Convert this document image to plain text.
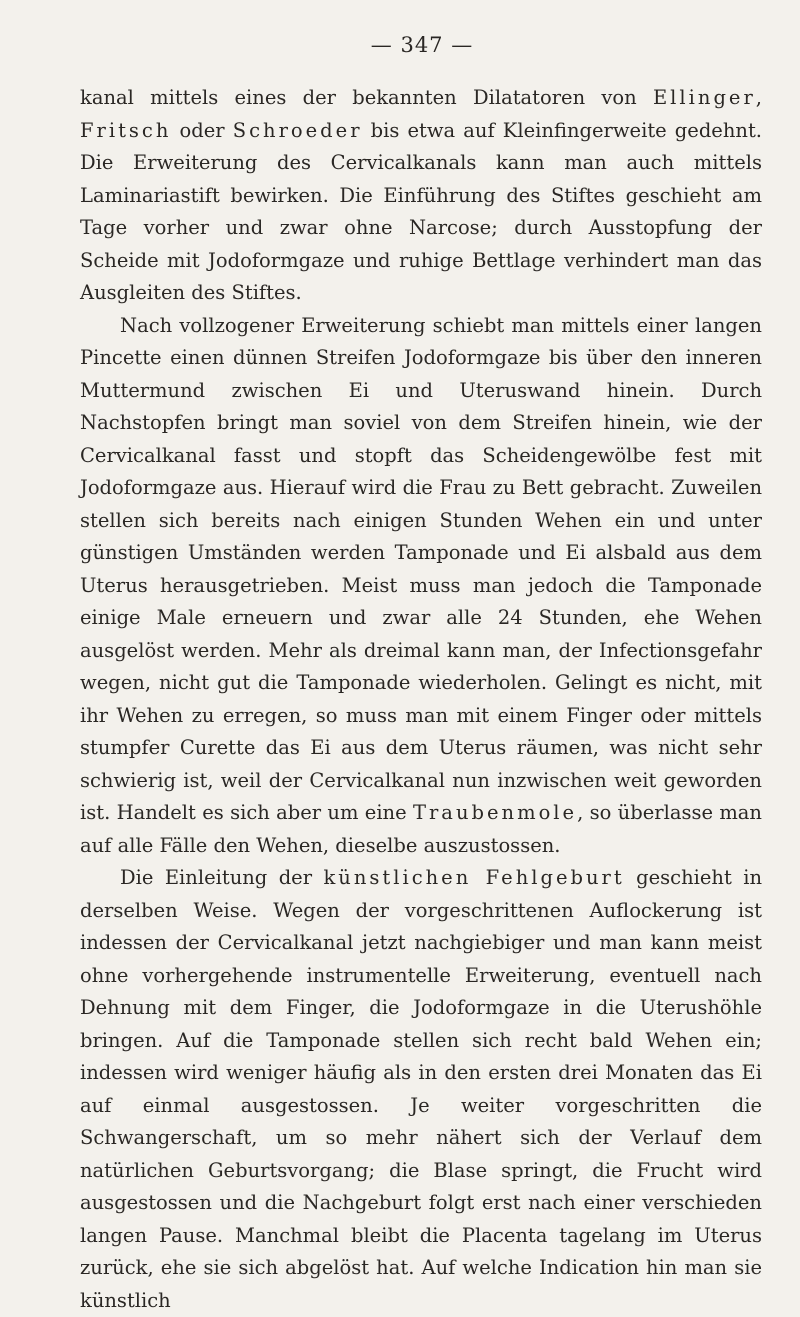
— 347 —

kanal mittels eines der bekannten Dilatatoren von Ellinger, Fritsch oder Schroeder bis etwa auf Kleinfingerweite gedehnt. Die Erweiterung des Cervicalkanals kann man auch mittels Laminariastift bewirken. Die Einführung des Stiftes geschieht am Tage vorher und zwar ohne Narcose; durch Ausstopfung der Scheide mit Jodoformgaze und ruhige Bettlage verhindert man das Ausgleiten des Stiftes.

Nach vollzogener Erweiterung schiebt man mittels einer langen Pincette einen dünnen Streifen Jodoformgaze bis über den inneren Muttermund zwischen Ei und Uteruswand hinein. Durch Nachstopfen bringt man soviel von dem Streifen hinein, wie der Cervicalkanal fasst und stopft das Scheidengewölbe fest mit Jodoformgaze aus. Hierauf wird die Frau zu Bett gebracht. Zuweilen stellen sich bereits nach einigen Stunden Wehen ein und unter günstigen Umständen werden Tamponade und Ei alsbald aus dem Uterus herausgetrieben. Meist muss man jedoch die Tamponade einige Male erneuern und zwar alle 24 Stunden, ehe Wehen ausgelöst werden. Mehr als dreimal kann man, der Infectionsgefahr wegen, nicht gut die Tamponade wiederholen. Gelingt es nicht, mit ihr Wehen zu erregen, so muss man mit einem Finger oder mittels stumpfer Curette das Ei aus dem Uterus räumen, was nicht sehr schwierig ist, weil der Cervicalkanal nun inzwischen weit geworden ist. Handelt es sich aber um eine Traubenmole, so überlasse man auf alle Fälle den Wehen, dieselbe auszustossen.

Die Einleitung der künstlichen Fehlgeburt geschieht in derselben Weise. Wegen der vorgeschrittenen Auflockerung ist indessen der Cervicalkanal jetzt nachgiebiger und man kann meist ohne vorhergehende instrumentelle Erweiterung, eventuell nach Dehnung mit dem Finger, die Jodoformgaze in die Uterushöhle bringen. Auf die Tamponade stellen sich recht bald Wehen ein; indessen wird weniger häufig als in den ersten drei Monaten das Ei auf einmal ausgestossen. Je weiter vorgeschritten die Schwangerschaft, um so mehr nähert sich der Verlauf dem natürlichen Geburtsvorgang; die Blase springt, die Frucht wird ausgestossen und die Nachgeburt folgt erst nach einer verschieden langen Pause. Manchmal bleibt die Placenta tagelang im Uterus zurück, ehe sie sich abgelöst hat. Auf welche Indication hin man sie künstlich
